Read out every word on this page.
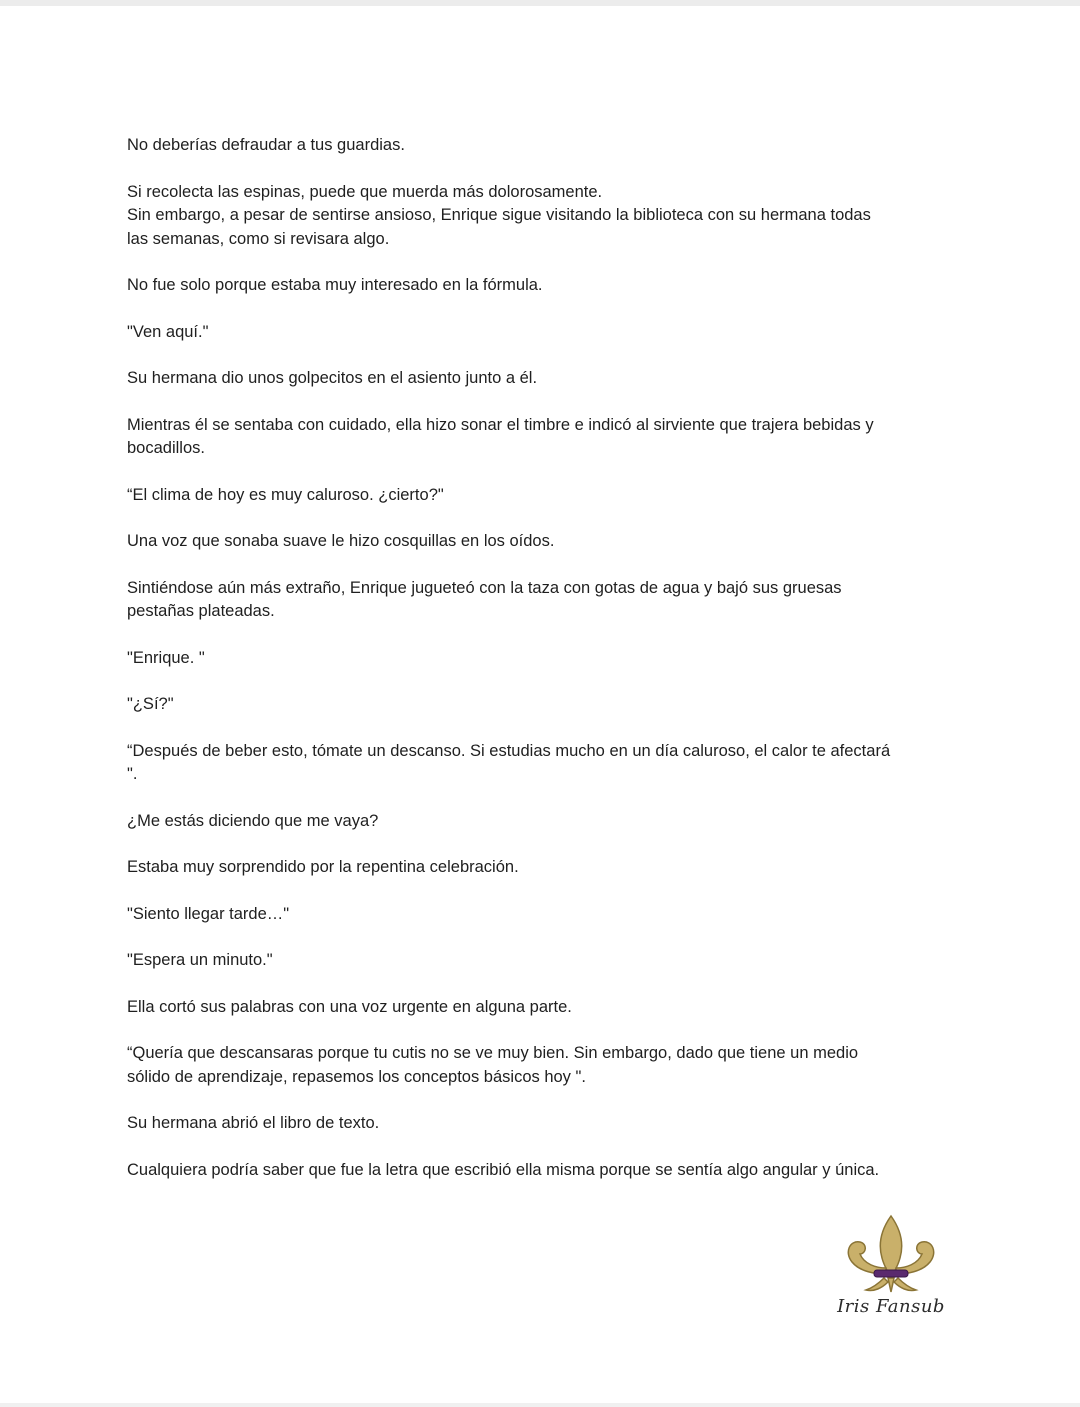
No deberías defraudar a tus guardias.

Si recolecta las espinas, puede que muerda más dolorosamente.
Sin embargo, a pesar de sentirse ansioso, Enrique sigue visitando la biblioteca con su hermana todas
las semanas, como si revisara algo.

No fue solo porque estaba muy interesado en la fórmula.

"Ven aquí."

Su hermana dio unos golpecitos en el asiento junto a él.

Mientras él se sentaba con cuidado, ella hizo sonar el timbre e indicó al sirviente que trajera bebidas y
bocadillos.

“El clima de hoy es muy caluroso. ¿cierto?"

Una voz que sonaba suave le hizo cosquillas en los oídos.

Sintiéndose aún más extraño, Enrique jugueteó con la taza con gotas de agua y bajó sus gruesas
pestañas plateadas.

"Enrique. "

"¿Sí?"

“Después de beber esto, tómate un descanso. Si estudias mucho en un día caluroso, el calor te afectará
".

¿Me estás diciendo que me vaya?

Estaba muy sorprendido por la repentina celebración.

"Siento llegar tarde…"

"Espera un minuto."

Ella cortó sus palabras con una voz urgente en alguna parte.

“Quería que descansaras porque tu cutis no se ve muy bien. Sin embargo, dado que tiene un medio
sólido de aprendizaje, repasemos los conceptos básicos hoy ".

Su hermana abrió el libro de texto.

Cualquiera podría saber que fue la letra que escribió ella misma porque se sentía algo angular y única.

Iris Fansub
